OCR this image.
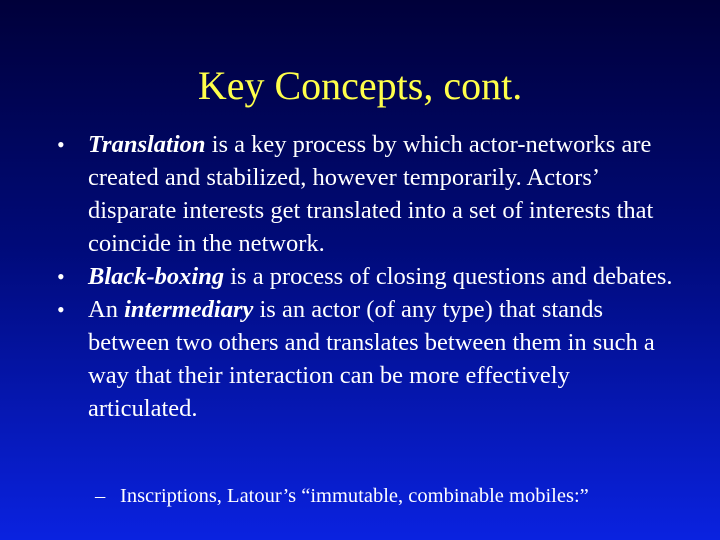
Key Concepts, cont.
• Translation is a key process by which actor-networks are created and stabilized, however temporarily. Actors’ disparate interests get translated into a set of interests that coincide in the network.
• Black-boxing is a process of closing questions and debates.
• An intermediary is an actor (of any type) that stands between two others and translates between them in such a way that their interaction can be more effectively articulated.

– Inscriptions, Latour’s “immutable, combinable mobiles:”
